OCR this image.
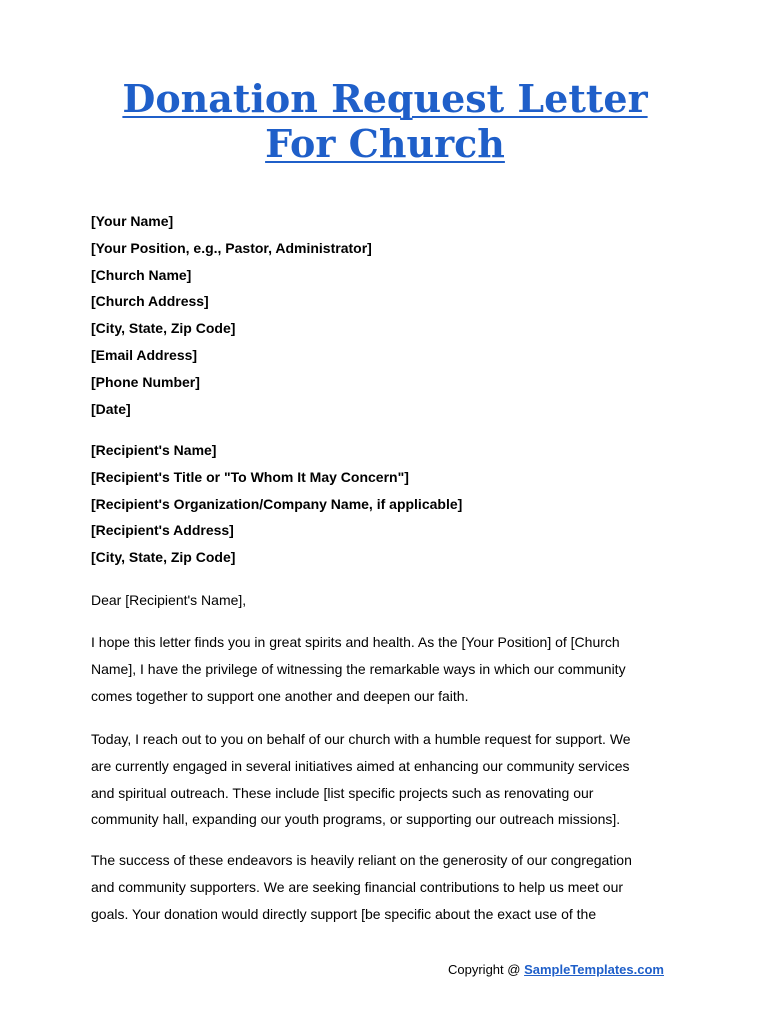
Donation Request Letter
For Church
[Your Name]
[Your Position, e.g., Pastor, Administrator]
[Church Name]
[Church Address]
[City, State, Zip Code]
[Email Address]
[Phone Number]
[Date]
[Recipient's Name]
[Recipient's Title or "To Whom It May Concern"]
[Recipient's Organization/Company Name, if applicable]
[Recipient's Address]
[City, State, Zip Code]
Dear [Recipient's Name],
I hope this letter finds you in great spirits and health. As the [Your Position] of [Church
Name], I have the privilege of witnessing the remarkable ways in which our community
comes together to support one another and deepen our faith.
Today, I reach out to you on behalf of our church with a humble request for support. We
are currently engaged in several initiatives aimed at enhancing our community services
and spiritual outreach. These include [list specific projects such as renovating our
community hall, expanding our youth programs, or supporting our outreach missions].
The success of these endeavors is heavily reliant on the generosity of our congregation
and community supporters. We are seeking financial contributions to help us meet our
goals. Your donation would directly support [be specific about the exact use of the
Copyright @ SampleTemplates.com
